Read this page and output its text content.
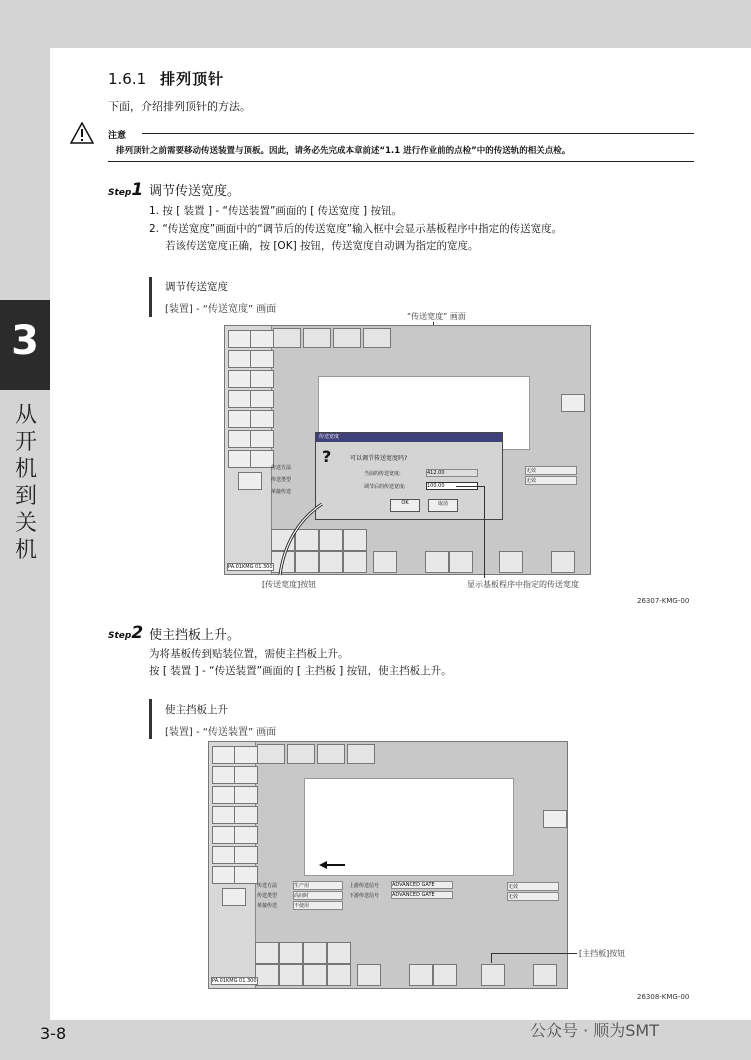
3
从开机到关机
1.6.1 排列顶针
下面，介绍排列顶针的方法。
注意
排列顶针之前需要移动传送装置与顶板。因此，请务必先完成本章前述“1.1 进行作业前的点检”中的传送轨的相关点检。
Step1 调节传送宽度。
1. 按 [ 装置 ] - “传送装置”画面的 [ 传送宽度 ] 按钮。
2. “传送宽度”画面中的“调节后的传送宽度”输入框中会显示基板程序中指定的传送宽度。
若该传送宽度正确，按 [OK] 按钮，传送宽度自动调为指定的宽度。
调节传送宽度
[装置] - “传送宽度” 画面
“传送宽度” 画面
传送方法
传送类型
单接传送
无效
无效
PA.01KMG 01.300
传送宽度
?	可以调节传送宽度吗?
当前的传送宽度:	412.00
调节后的传送宽度:	100.00
OK	取消
[传送宽度]按钮	显示基板程序中指定的传送宽度
26307-KMG-00
Step2 使主挡板上升。
为将基板传到贴装位置，需使主挡板上升。
按 [ 装置 ] - “传送装置”画面的 [ 主挡板 ] 按钮，使主挡板上升。
使主挡板上升
[装置] - “传送装置” 画面
传送方法	生产用
传送类型	高间时
单接传送	不使用
上游传送信号	ADVANCED GATE
下游传送信号	ADVANCED GATE
无效
无效
PA.01KMG 01.300
[主挡板]按钮
26308-KMG-00
3-8	公众号 · 顺为SMT
